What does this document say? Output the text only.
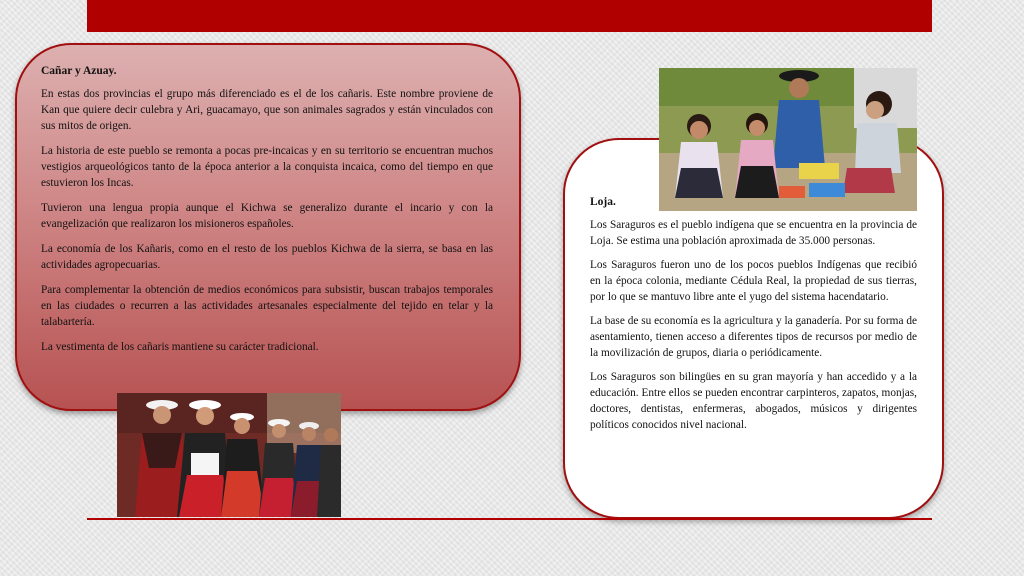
Cañar y Azuay.

En estas dos provincias el grupo más diferenciado es el de los cañaris. Este nombre proviene de Kan que quiere decir culebra y Ari, guacamayo, que son animales sagrados y están vinculados con sus mitos de origen.

La historia de este pueblo se remonta a pocas pre-incaicas y en su territorio se encuentran muchos vestigios arqueológicos tanto de la época anterior a la conquista incaica, como del tiempo en que estuvieron los Incas.

Tuvieron una lengua propia aunque el Kichwa se generalizo durante el incario y con la evangelización que realizaron los misioneros españoles.

La economía de los Kañaris, como en el resto de los pueblos Kichwa de la sierra, se basa en las actividades agropecuarias.

Para complementar la obtención de medios económicos para subsistir, buscan trabajos temporales en las ciudades o recurren a las actividades artesanales especialmente del tejido en telar y la talabartería.

La vestimenta de los cañaris mantiene su carácter tradicional.

Loja.

Los Saraguros es el pueblo indígena que se encuentra en la provincia de Loja. Se estima una población aproximada de 35.000 personas.

Los Saraguros fueron uno de los pocos pueblos Indígenas que recibió en la época colonia, mediante Cédula Real, la propiedad de sus tierras, por lo que se mantuvo libre ante el yugo del sistema hacendatario.

La base de su economía es la agricultura y la ganadería. Por su forma de asentamiento, tienen acceso a diferentes tipos de recursos por medio de la movilización de grupos, diaria o periódicamente.

Los Saraguros son bilingües en su gran mayoría y han accedido y a la educación. Entre ellos se pueden encontrar carpinteros, zapatos, monjas, doctores, dentistas, enfermeras, abogados, músicos y dirigentes políticos conocidos nivel nacional.
